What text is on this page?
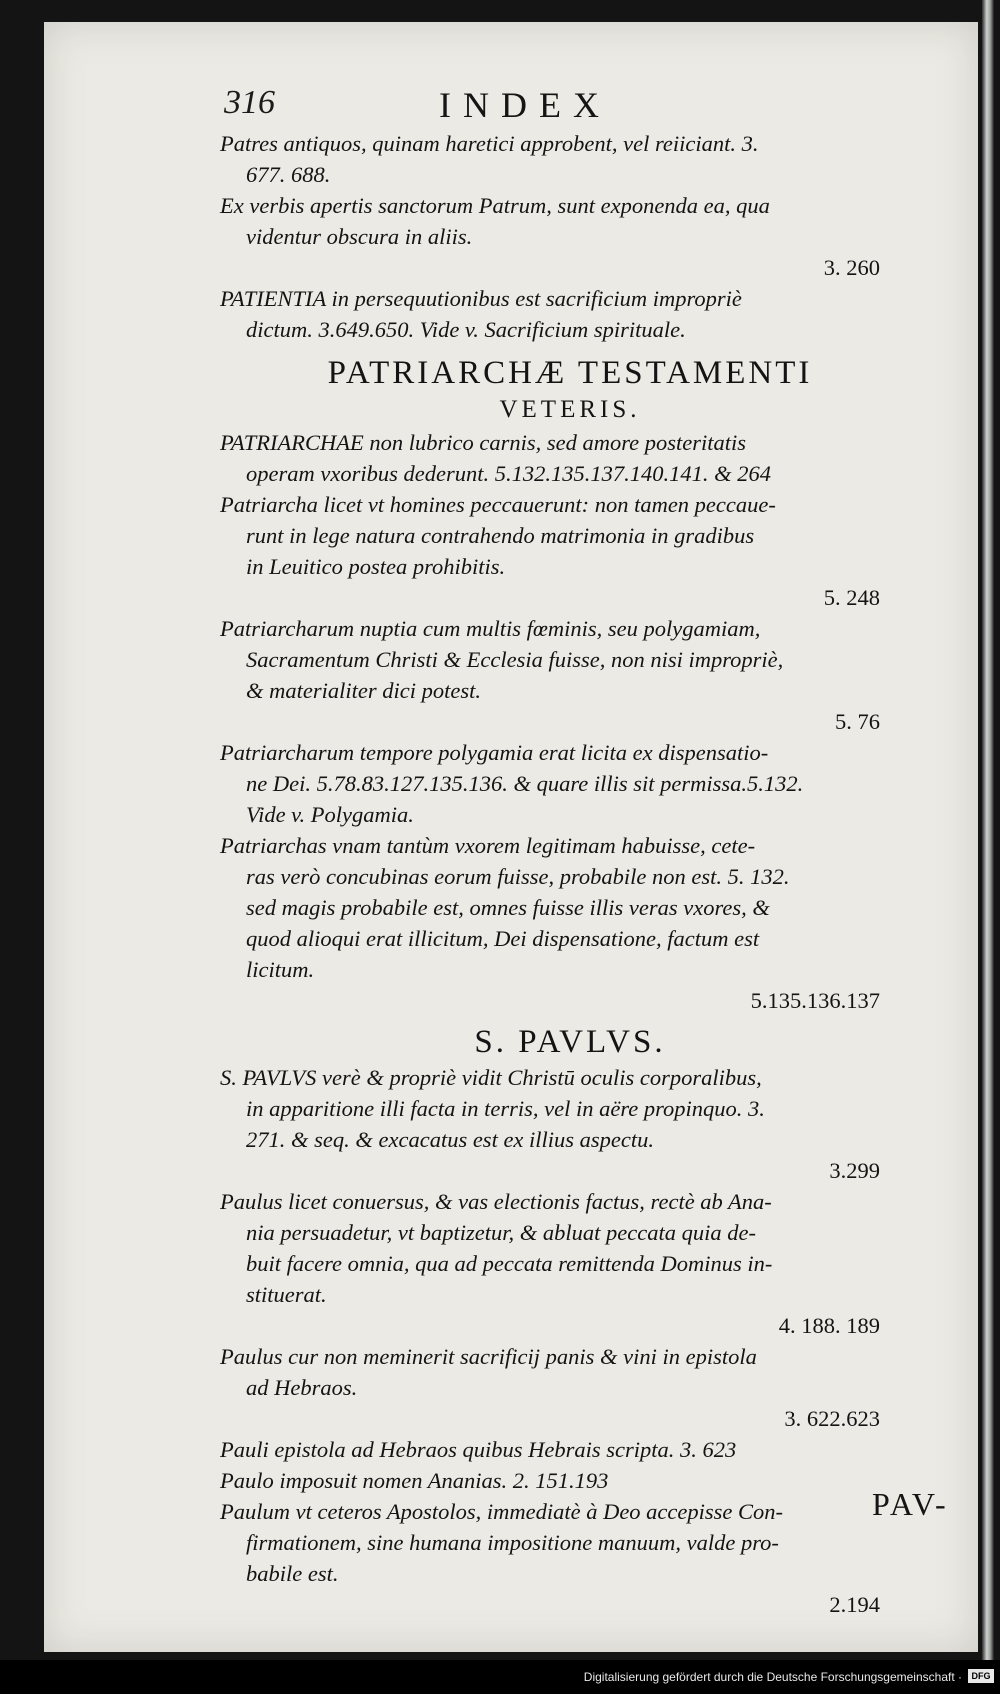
316	INDEX
Patres antiquos, quinam haretici approbent, vel reiiciant. 3.
677. 688.
Ex verbis apertis sanctorum Patrum, sunt exponenda ea, qua
videntur obscura in aliis.
3. 260
PATIENTIA in persequutionibus est sacrificium impropriè
dictum. 3.649.650. Vide v. Sacrificium spirituale.
PATRIARCHÆ TESTAMENTI
VETERIS.
PATRIARCHAE non lubrico carnis, sed amore posteritatis
operam vxoribus dederunt. 5.132.135.137.140.141. & 264
Patriarcha licet vt homines peccauerunt: non tamen peccaue-
runt in lege natura contrahendo matrimonia in gradibus
in Leuitico postea prohibitis.
5. 248
Patriarcharum nuptia cum multis fœminis, seu polygamiam,
Sacramentum Christi & Ecclesia fuisse, non nisi impropriè,
& materialiter dici potest.
5. 76
Patriarcharum tempore polygamia erat licita ex dispensatio-
ne Dei. 5.78.83.127.135.136. & quare illis sit permissa.5.132.
Vide v. Polygamia.
Patriarchas vnam tantùm vxorem legitimam habuisse, cete-
ras verò concubinas eorum fuisse, probabile non est. 5. 132.
sed magis probabile est, omnes fuisse illis veras vxores, &
quod alioqui erat illicitum, Dei dispensatione, factum est
licitum.
5.135.136.137
S. PAVLVS.
S. PAVLVS verè & propriè vidit Christū oculis corporalibus,
in apparitione illi facta in terris, vel in aëre propinquo. 3.
271. & seq. & excacatus est ex illius aspectu.
3.299
Paulus licet conuersus, & vas electionis factus, rectè ab Ana-
nia persuadetur, vt baptizetur, & abluat peccata quia de-
buit facere omnia, qua ad peccata remittenda Dominus in-
stituerat.
4. 188. 189
Paulus cur non meminerit sacrificij panis & vini in epistola
ad Hebraos.
3. 622.623
Pauli epistola ad Hebraos quibus Hebrais scripta. 3. 623
Paulo imposuit nomen Ananias. 2. 151.193
Paulum vt ceteros Apostolos, immediatè à Deo accepisse Con-
firmationem, sine humana impositione manuum, valde pro-
babile est.
2.194
PAV-
Digitalisierung gefördert durch die Deutsche Forschungsgemeinschaft ·	DFG
